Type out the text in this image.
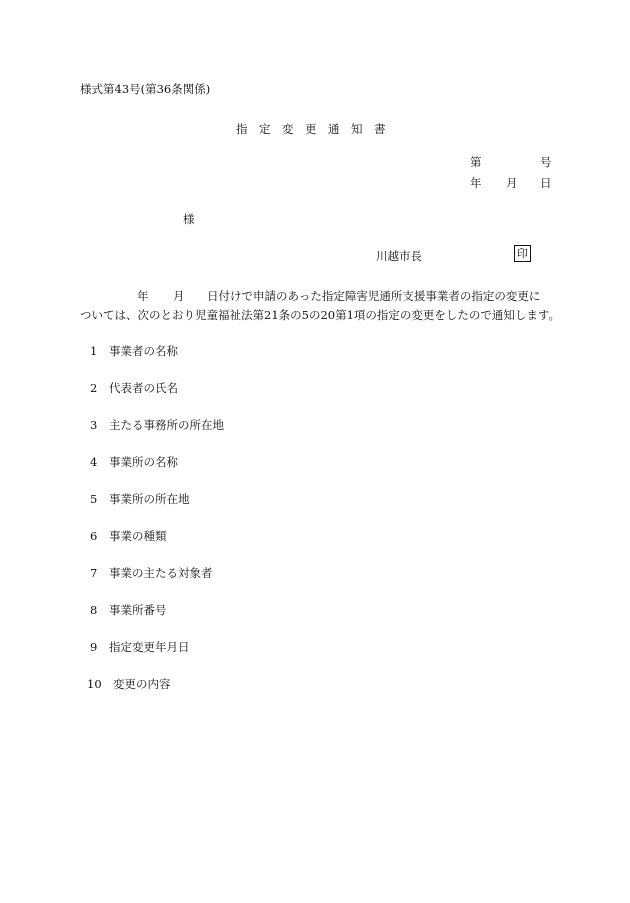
様式第43号(第36条関係)
指定変更通知書
第	号
年 月 日
様
川越市長	印
年 月 日付けで申請のあった指定障害児通所支援事業者の指定の変更に
ついては、次のとおり児童福祉法第21条の5の20第1項の指定の変更をしたので通知します。
1 事業者の名称
2 代表者の氏名
3 主たる事務所の所在地
4 事業所の名称
5 事業所の所在地
6 事業の種類
7 事業の主たる対象者
8 事業所番号
9 指定変更年月日
10 変更の内容
